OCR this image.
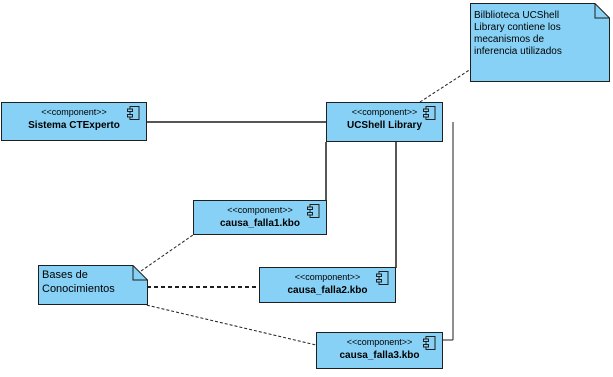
<<component>>
Sistema CTExperto
<<component>>
UCShell Library
<<component>>
causa_falla1.kbo
<<component>>
causa_falla2.kbo
<<component>>
causa_falla3.kbo
Bilblioteca UCShell
Library contiene los
mecanismos de
inferencia utilizados
Bases de
Conocimientos
